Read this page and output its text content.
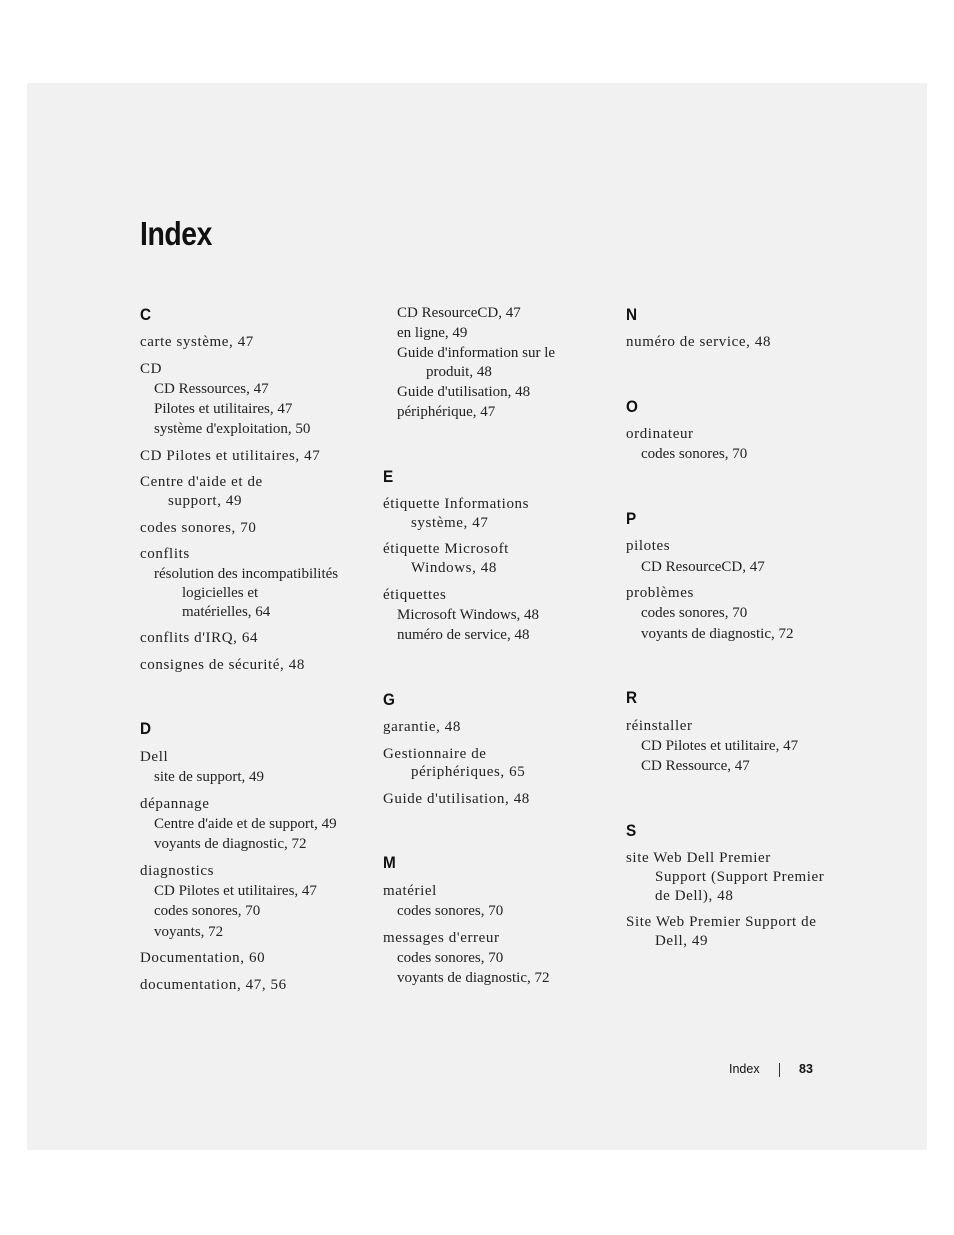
Index
C
carte système, 47
CD
CD Ressources, 47
Pilotes et utilitaires, 47
système d'exploitation, 50
CD Pilotes et utilitaires, 47
Centre d'aide et de
support, 49
codes sonores, 70
conflits
résolution des incompatibilités
logicielles et
matérielles, 64
conflits d'IRQ, 64
consignes de sécurité, 48
D
Dell
site de support, 49
dépannage
Centre d'aide et de support, 49
voyants de diagnostic, 72
diagnostics
CD Pilotes et utilitaires, 47
codes sonores, 70
voyants, 72
Documentation, 60
documentation, 47, 56
CD ResourceCD, 47
en ligne, 49
Guide d'information sur le
produit, 48
Guide d'utilisation, 48
périphérique, 47
E
étiquette Informations
système, 47
étiquette Microsoft
Windows, 48
étiquettes
Microsoft Windows, 48
numéro de service, 48
G
garantie, 48
Gestionnaire de
périphériques, 65
Guide d'utilisation, 48
M
matériel
codes sonores, 70
messages d'erreur
codes sonores, 70
voyants de diagnostic, 72
N
numéro de service, 48
O
ordinateur
codes sonores, 70
P
pilotes
CD ResourceCD, 47
problèmes
codes sonores, 70
voyants de diagnostic, 72
R
réinstaller
CD Pilotes et utilitaire, 47
CD Ressource, 47
S
site Web Dell Premier
Support (Support Premier
de Dell), 48
Site Web Premier Support de
Dell, 49
Index	83
